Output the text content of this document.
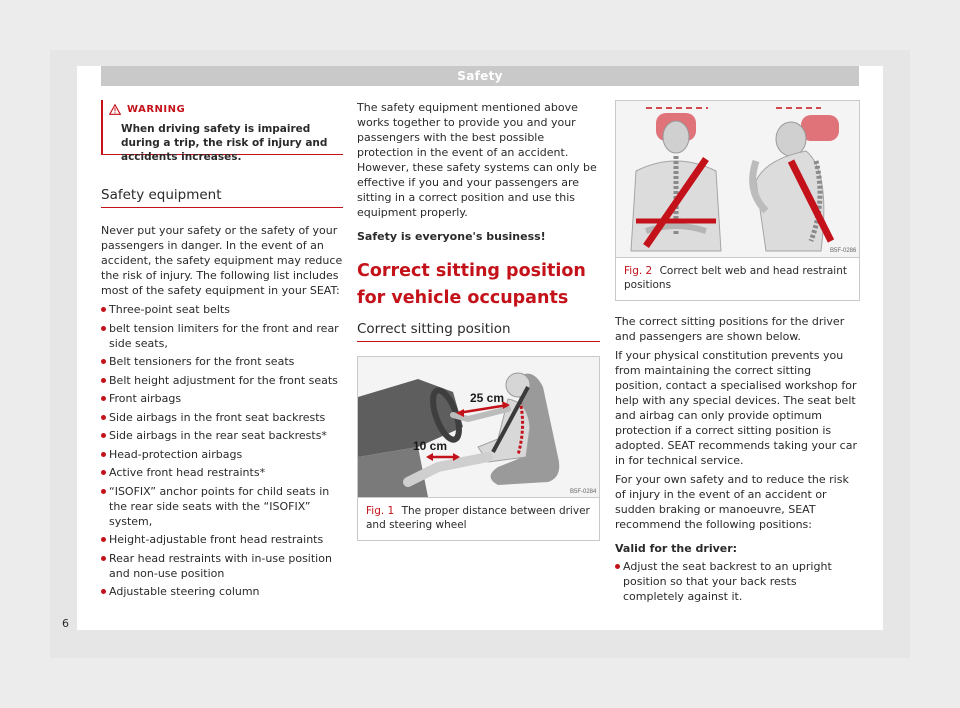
Safety
WARNING
When driving safety is impaired during a trip, the risk of injury and accidents increases.
Safety equipment

Never put your safety or the safety of your passengers in danger. In the event of an accident, the safety equipment may reduce the risk of injury. The following list includes most of the safety equipment in your SEAT:

Three-point seat belts
belt tension limiters for the front and rear side seats,
Belt tensioners for the front seats
Belt height adjustment for the front seats
Front airbags
Side airbags in the front seat backrests
Side airbags in the rear seat backrests*
Head-protection airbags
Active front head restraints*
“ISOFIX” anchor points for child seats in the rear side seats with the “ISOFIX” system,
Height-adjustable front head restraints
Rear head restraints with in-use position and non-use position
Adjustable steering column

The safety equipment mentioned above works together to provide you and your passengers with the best possible protection in the event of an accident. However, these safety systems can only be effective if you and your passengers are sitting in a correct position and use this equipment properly.

Safety is everyone's business!

Correct sitting position for vehicle occupants
Correct sitting position
25 cm
10 cm
B5F-0284
Fig. 1 The proper distance between driver and steering wheel
B5F-0286
Fig. 2 Correct belt web and head restraint positions

The correct sitting positions for the driver and passengers are shown below.

If your physical constitution prevents you from maintaining the correct sitting position, contact a specialised workshop for help with any special devices. The seat belt and airbag can only provide optimum protection if a correct sitting position is adopted. SEAT recommends taking your car in for technical service.

For your own safety and to reduce the risk of injury in the event of an accident or sudden braking or manoeuvre, SEAT recommend the following positions:

Valid for the driver:

Adjust the seat backrest to an upright position so that your back rests completely against it.
6
